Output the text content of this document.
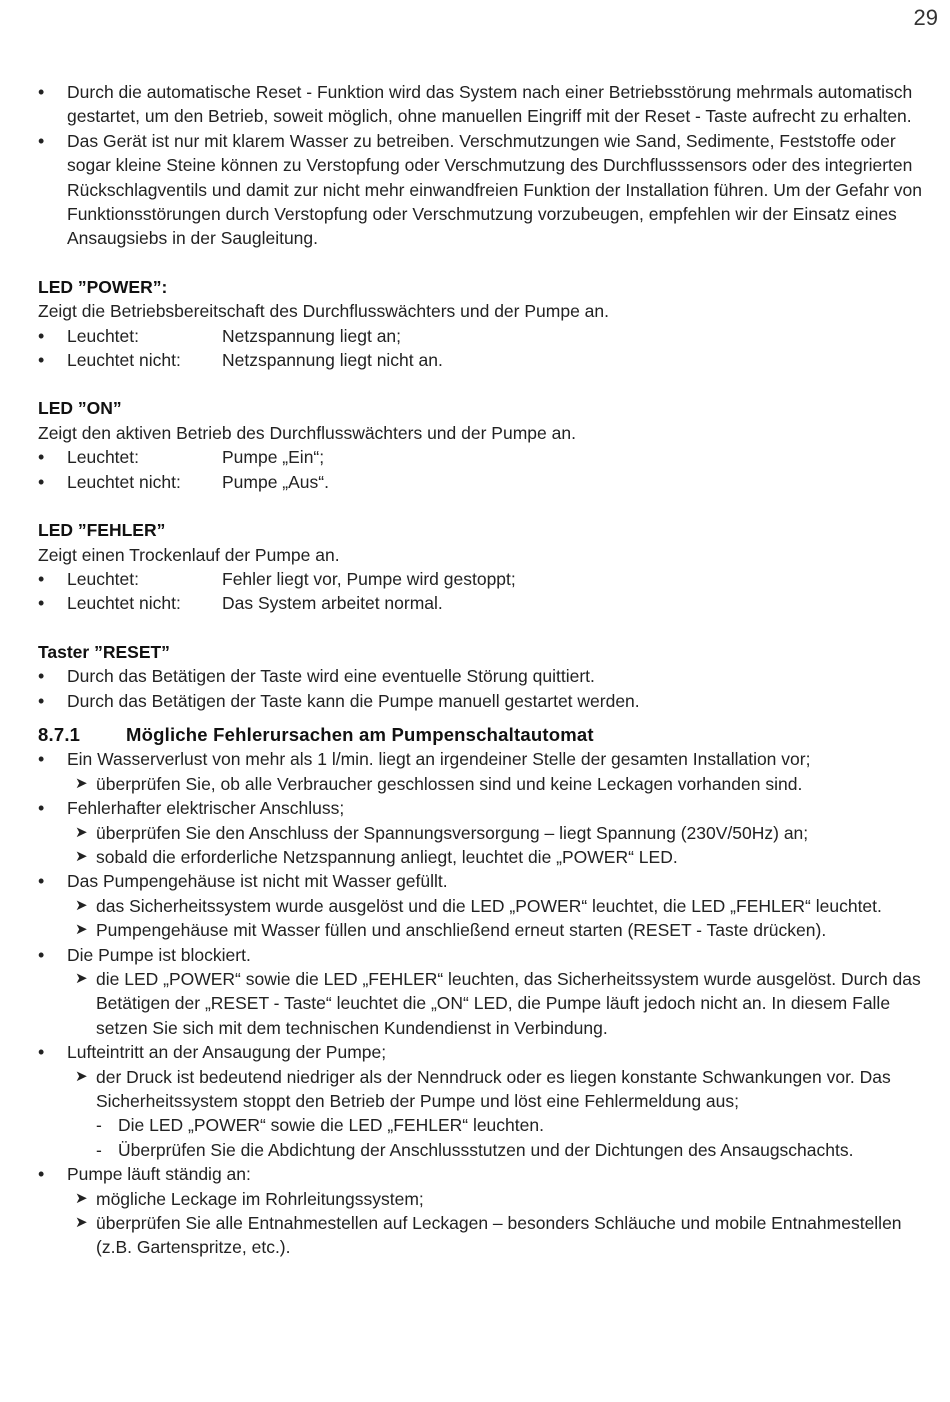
29
• Durch die automatische Reset - Funktion wird das System nach einer Betriebsstörung mehrmals automatisch gestartet, um den Betrieb, soweit möglich, ohne manuellen Eingriff mit der Reset - Taste aufrecht zu erhalten.
• Das Gerät ist nur mit klarem Wasser zu betreiben. Verschmutzungen wie Sand, Sedimente, Feststoffe oder sogar kleine Steine können zu Verstopfung oder Verschmutzung des Durchflusssensors oder des integrierten Rückschlagventils und damit zur nicht mehr einwandfreien Funktion der Installation führen. Um der Gefahr von Funktionsstörungen durch Verstopfung oder Verschmutzung vorzubeugen, empfehlen wir der Einsatz eines Ansaugsiebs in der Saugleitung.
LED ”POWER”:

Zeigt die Betriebsbereitschaft des Durchflusswächters und der Pumpe an.

• Leuchtet:	Netzspannung liegt an;
• Leuchtet nicht:	Netzspannung liegt nicht an.
LED ”ON”

Zeigt den aktiven Betrieb des Durchflusswächters und der Pumpe an.

• Leuchtet:	Pumpe „Ein“;
• Leuchtet nicht:	Pumpe „Aus“.
LED ”FEHLER”

Zeigt einen Trockenlauf der Pumpe an.

• Leuchtet:	Fehler liegt vor, Pumpe wird gestoppt;
• Leuchtet nicht:	Das System arbeitet normal.
Taster ”RESET”
• Durch das Betätigen der Taste wird eine eventuelle Störung quittiert.
• Durch das Betätigen der Taste kann die Pumpe manuell gestartet werden.
8.7.1 Mögliche Fehlerursachen am Pumpenschaltautomat
• Ein Wasserverlust von mehr als 1 l/min. liegt an irgendeiner Stelle der gesamten Installation vor;
➤ überprüfen Sie, ob alle Verbraucher geschlossen sind und keine Leckagen vorhanden sind.
• Fehlerhafter elektrischer Anschluss;
➤ überprüfen Sie den Anschluss der Spannungsversorgung – liegt Spannung (230V/50Hz) an;
➤ sobald die erforderliche Netzspannung anliegt, leuchtet die „POWER“ LED.
• Das Pumpengehäuse ist nicht mit Wasser gefüllt.
➤ das Sicherheitssystem wurde ausgelöst und die LED „POWER“ leuchtet, die LED „FEHLER“ leuchtet.
➤ Pumpengehäuse mit Wasser füllen und anschließend erneut starten (RESET - Taste drücken).
• Die Pumpe ist blockiert.
➤ die LED „POWER“ sowie die LED „FEHLER“ leuchten, das Sicherheitssystem wurde ausgelöst. Durch das Betätigen der „RESET - Taste“ leuchtet die „ON“ LED, die Pumpe läuft jedoch nicht an. In diesem Falle setzen Sie sich mit dem technischen Kundendienst in Verbindung.
• Lufteintritt an der Ansaugung der Pumpe;
➤ der Druck ist bedeutend niedriger als der Nenndruck oder es liegen konstante Schwankungen vor. Das Sicherheitssystem stoppt den Betrieb der Pumpe und löst eine Fehlermeldung aus;
- Die LED „POWER“ sowie die LED „FEHLER“ leuchten.
- Überprüfen Sie die Abdichtung der Anschlussstutzen und der Dichtungen des Ansaugschachts.
• Pumpe läuft ständig an:
➤ mögliche Leckage im Rohrleitungssystem;
➤ überprüfen Sie alle Entnahmestellen auf Leckagen – besonders Schläuche und mobile Entnahmestellen (z.B. Gartenspritze, etc.).
